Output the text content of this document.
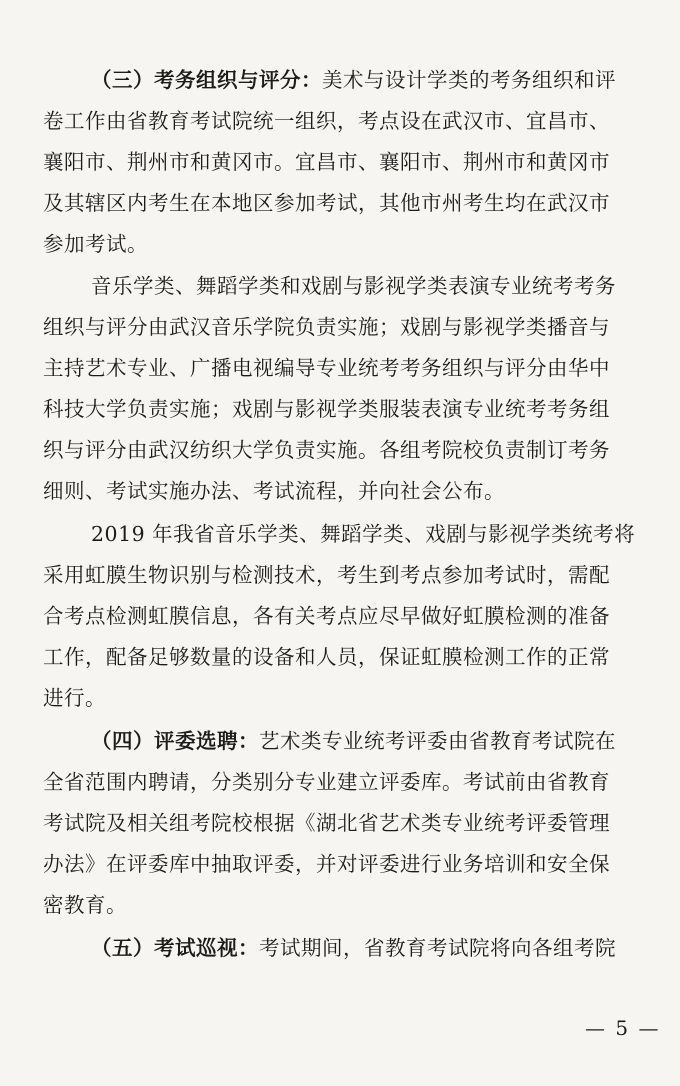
（三）考务组织与评分：美术与设计学类的考务组织和评
卷工作由省教育考试院统一组织，考点设在武汉市、宜昌市、
襄阳市、荆州市和黄冈市。宜昌市、襄阳市、荆州市和黄冈市
及其辖区内考生在本地区参加考试，其他市州考生均在武汉市
参加考试。
音乐学类、舞蹈学类和戏剧与影视学类表演专业统考考务
组织与评分由武汉音乐学院负责实施；戏剧与影视学类播音与
主持艺术专业、广播电视编导专业统考考务组织与评分由华中
科技大学负责实施；戏剧与影视学类服装表演专业统考考务组
织与评分由武汉纺织大学负责实施。各组考院校负责制订考务
细则、考试实施办法、考试流程，并向社会公布。
2019 年我省音乐学类、舞蹈学类、戏剧与影视学类统考将
采用虹膜生物识别与检测技术，考生到考点参加考试时，需配
合考点检测虹膜信息，各有关考点应尽早做好虹膜检测的准备
工作，配备足够数量的设备和人员，保证虹膜检测工作的正常
进行。
（四）评委选聘：艺术类专业统考评委由省教育考试院在
全省范围内聘请，分类别分专业建立评委库。考试前由省教育
考试院及相关组考院校根据《湖北省艺术类专业统考评委管理
办法》在评委库中抽取评委，并对评委进行业务培训和安全保
密教育。
（五）考试巡视：考试期间，省教育考试院将向各组考院
— 5 —
